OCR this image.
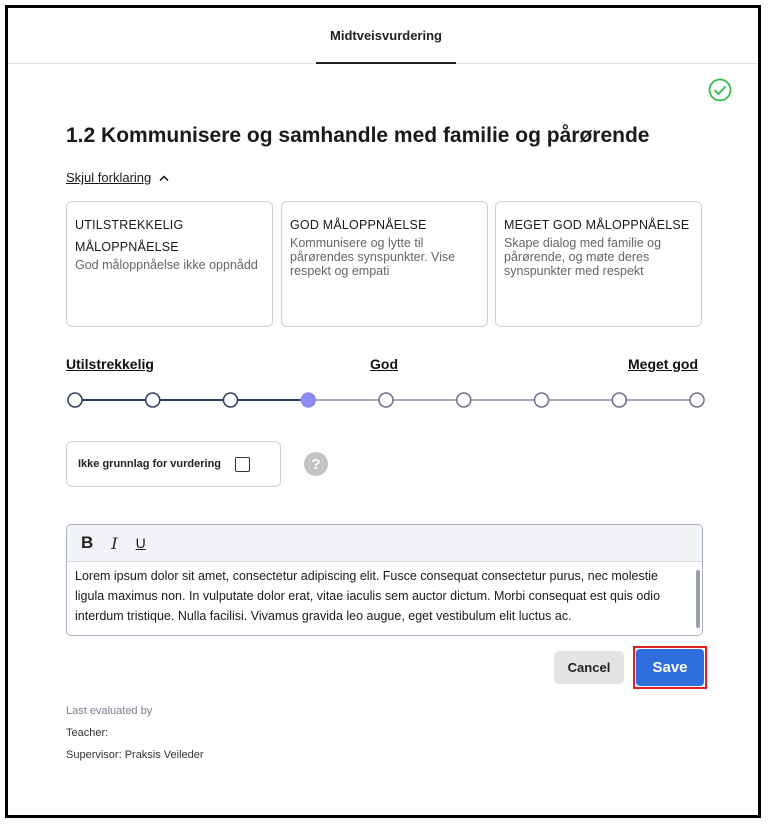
Midtveisvurdering
1.2 Kommunisere og samhandle med familie og pårørende
Skjul forklaring
UTILSTREKKELIG
MÅLOPPNÅELSE
God måloppnåelse ikke oppnådd
GOD MÅLOPPNÅELSE
Kommunisere og lytte til pårørendes synspunkter. Vise respekt og empati
MEGET GOD MÅLOPPNÅELSE
Skape dialog med familie og pårørende, og møte deres synspunkter med respekt
Utilstrekkelig	God	Meget god
Ikke grunnlag for vurdering	?
B I U
Lorem ipsum dolor sit amet, consectetur adipiscing elit. Fusce consequat consectetur purus, nec molestie ligula maximus non. In vulputate dolor erat, vitae iaculis sem auctor dictum. Morbi consequat est quis odio interdum tristique. Nulla facilisi. Vivamus gravida leo augue, eget vestibulum elit luctus ac.
Cancel	Save
Last evaluated by
Teacher:
Supervisor: Praksis Veileder
